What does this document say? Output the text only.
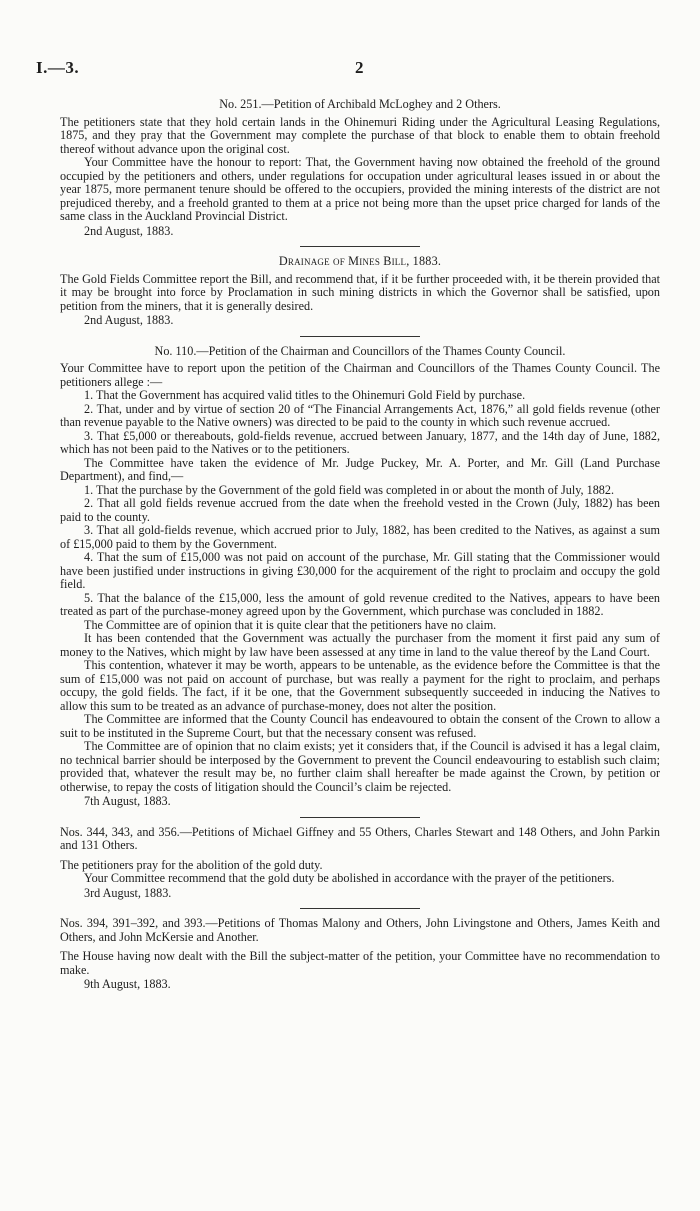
I.—3.	2
No. 251.—Petition of Archibald McLoghey and 2 Others.

The petitioners state that they hold certain lands in the Ohinemuri Riding under the Agricultural Leasing Regulations, 1875, and they pray that the Government may complete the purchase of that block to enable them to obtain freehold thereof without advance upon the original cost.

Your Committee have the honour to report: That, the Government having now obtained the freehold of the ground occupied by the petitioners and others, under regulations for occupation under agricultural leases issued in or about the year 1875, more permanent tenure should be offered to the occupiers, provided the mining interests of the district are not prejudiced thereby, and a freehold granted to them at a price not being more than the upset price charged for lands of the same class in the Auckland Provincial District.

2nd August, 1883.
Drainage of Mines Bill, 1883.

The Gold Fields Committee report the Bill, and recommend that, if it be further proceeded with, it be therein provided that it may be brought into force by Proclamation in such mining districts in which the Governor shall be satisfied, upon petition from the miners, that it is generally desired.

2nd August, 1883.
No. 110.—Petition of the Chairman and Councillors of the Thames County Council.

Your Committee have to report upon the petition of the Chairman and Councillors of the Thames County Council. The petitioners allege :—

1. That the Government has acquired valid titles to the Ohinemuri Gold Field by purchase.

2. That, under and by virtue of section 20 of “The Financial Arrangements Act, 1876,” all gold fields revenue (other than revenue payable to the Native owners) was directed to be paid to the county in which such revenue accrued.

3. That £5,000 or thereabouts, gold-fields revenue, accrued between January, 1877, and the 14th day of June, 1882, which has not been paid to the Natives or to the petitioners.

The Committee have taken the evidence of Mr. Judge Puckey, Mr. A. Porter, and Mr. Gill (Land Purchase Department), and find,—

1. That the purchase by the Government of the gold field was completed in or about the month of July, 1882.

2. That all gold fields revenue accrued from the date when the freehold vested in the Crown (July, 1882) has been paid to the county.

3. That all gold-fields revenue, which accrued prior to July, 1882, has been credited to the Natives, as against a sum of £15,000 paid to them by the Government.

4. That the sum of £15,000 was not paid on account of the purchase, Mr. Gill stating that the Commissioner would have been justified under instructions in giving £30,000 for the acquirement of the right to proclaim and occupy the gold field.

5. That the balance of the £15,000, less the amount of gold revenue credited to the Natives, appears to have been treated as part of the purchase-money agreed upon by the Government, which purchase was concluded in 1882.

The Committee are of opinion that it is quite clear that the petitioners have no claim.

It has been contended that the Government was actually the purchaser from the moment it first paid any sum of money to the Natives, which might by law have been assessed at any time in land to the value thereof by the Land Court.

This contention, whatever it may be worth, appears to be untenable, as the evidence before the Committee is that the sum of £15,000 was not paid on account of purchase, but was really a payment for the right to proclaim, and perhaps occupy, the gold fields. The fact, if it be one, that the Government subsequently succeeded in inducing the Natives to allow this sum to be treated as an advance of purchase-money, does not alter the position.

The Committee are informed that the County Council has endeavoured to obtain the consent of the Crown to allow a suit to be instituted in the Supreme Court, but that the necessary consent was refused.

The Committee are of opinion that no claim exists; yet it considers that, if the Council is advised it has a legal claim, no technical barrier should be interposed by the Government to prevent the Council endeavouring to establish such claim; provided that, whatever the result may be, no further claim shall hereafter be made against the Crown, by petition or otherwise, to repay the costs of litigation should the Council’s claim be rejected.

7th August, 1883.
Nos. 344, 343, and 356.—Petitions of Michael Giffney and 55 Others, Charles Stewart and 148 Others, and John Parkin and 131 Others.

The petitioners pray for the abolition of the gold duty.

Your Committee recommend that the gold duty be abolished in accordance with the prayer of the petitioners.

3rd August, 1883.
Nos. 394, 391–392, and 393.—Petitions of Thomas Malony and Others, John Livingstone and Others, James Keith and Others, and John McKersie and Another.

The House having now dealt with the Bill the subject-matter of the petition, your Committee have no recommendation to make.

9th August, 1883.
